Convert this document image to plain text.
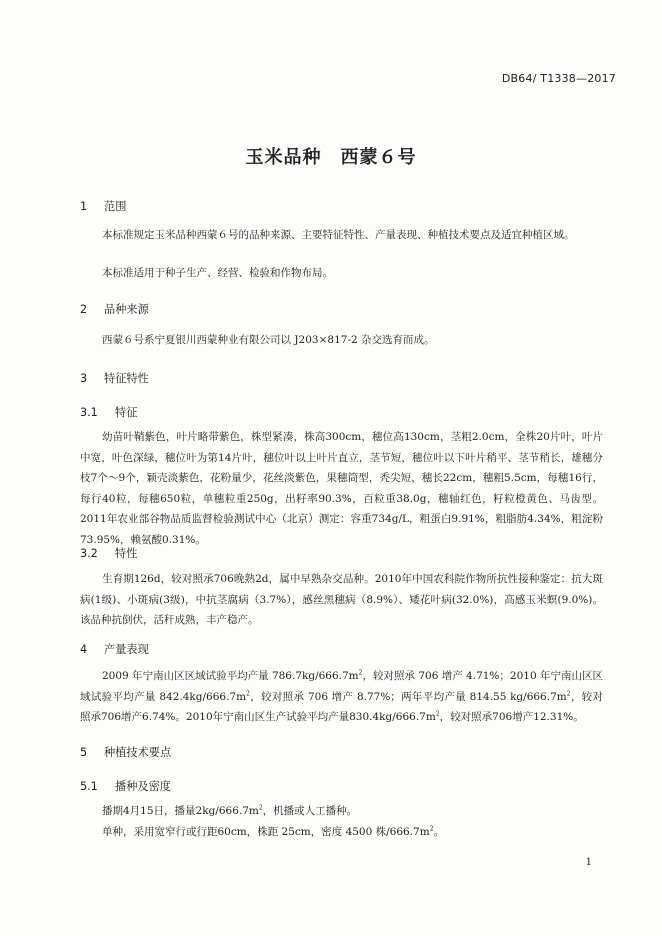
DB64/ T1338—2017
玉米品种　西蒙６号
1 范围

本标准规定玉米品种西蒙６号的品种来源、主要特征特性、产量表现、种植技术要点及适宜种植区域。

本标准适用于种子生产、经营、检验和作物布局。

2 品种来源

西蒙６号系宁夏银川西蒙种业有限公司以 J203×817-2 杂交选育而成。

3 特征特性
3.1 特征

幼苗叶鞘紫色，叶片略带紫色，株型紧凑，株高300cm，穗位高130cm，茎粗2.0cm，全株20片叶，叶片中宽，叶色深绿，穗位叶为第14片叶，穗位叶以上叶片直立，茎节短，穗位叶以下叶片稍平、茎节稍长，雄穗分枝7个～9个，颖壳淡紫色，花粉量少，花丝淡紫色，果穗筒型，秃尖短，穗长22cm，穗粗5.5cm，每穗16行，每行40粒，每穗650粒，单穗粒重250g，出籽率90.3%，百粒重38.0g，穗轴红色，籽粒橙黄色、马齿型。2011年农业部谷物品质监督检验测试中心（北京）测定：容重734g/L，粗蛋白9.91%，粗脂肪4.34%，粗淀粉73.95%，赖氨酸0.31%。

3.2 特性

生育期126d，较对照承706晚熟2d，属中早熟杂交品种。2010年中国农科院作物所抗性接种鉴定：抗大斑病(1级)、小斑病(3级)，中抗茎腐病（3.7%），感丝黑穗病（8.9%）、矮花叶病(32.0%)，高感玉米螟(9.0%)。该品种抗倒伏，活秆成熟，丰产稳产。

4 产量表现

2009 年宁南山区区域试验平均产量 $786.7kg/666.7m^2$，较对照承 706 增产 4.71%；2010 年宁南山区区域试验平均产量 $842.4kg/666.7m^2$，较对照承 706 增产 8.77%；两年平均产量 814.55 $kg/666.7m^2$，较对照承706增产6.74%。2010年宁南山区生产试验平均产量$830.4kg/666.7m^2$，较对照承706增产12.31%。

5 种植技术要点
5.1 播种及密度

播期4月15日，播量$2kg/666.7m^2$，机播或人工播种。

单种，采用宽窄行或行距60cm，株距 25cm，密度 4500 株$/666.7m^2$。

1
